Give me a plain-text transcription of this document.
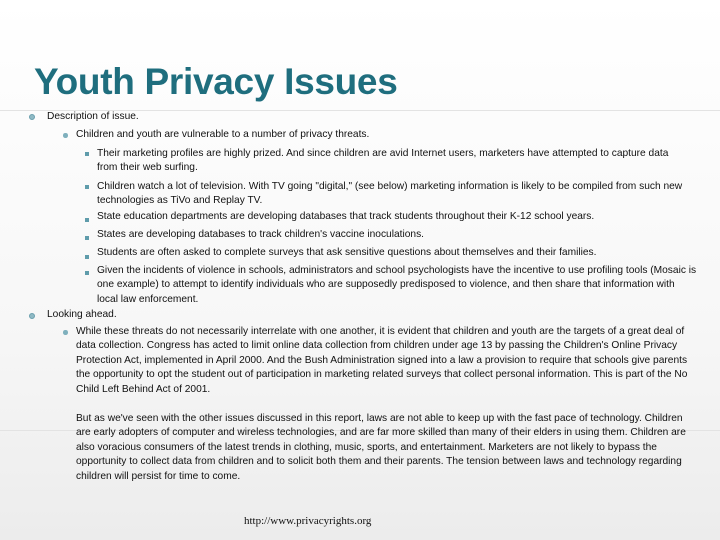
Youth Privacy Issues
Description of issue.
Children and youth are vulnerable to a number of privacy threats.
Their marketing profiles are highly prized. And since children are avid Internet users, marketers have attempted to capture data from their web surfing.
Children watch a lot of television. With TV going "digital," (see below) marketing information is likely to be compiled from such new technologies as TiVo and Replay TV.
State education departments are developing databases that track students throughout their K-12 school years.
States are developing databases to track children's vaccine inoculations.
Students are often asked to complete surveys that ask sensitive questions about themselves and their families.
Given the incidents of violence in schools, administrators and school psychologists have the incentive to use profiling tools (Mosaic is one example) to attempt to identify individuals who are supposedly predisposed to violence, and then share that information with local law enforcement.
Looking ahead.
While these threats do not necessarily interrelate with one another, it is evident that children and youth are the targets of a great deal of data collection. Congress has acted to limit online data collection from children under age 13 by passing the Children's Online Privacy Protection Act, implemented in April 2000. And the Bush Administration signed into a law a provision to require that schools give parents the opportunity to opt the student out of participation in marketing related surveys that collect personal information. This is part of the No Child Left Behind Act of 2001.
But as we've seen with the other issues discussed in this report, laws are not able to keep up with the fast pace of technology. Children are early adopters of computer and wireless technologies, and are far more skilled than many of their elders in using them. Children are also voracious consumers of the latest trends in clothing, music, sports, and entertainment. Marketers are not likely to bypass the opportunity to collect data from children and to solicit both them and their parents. The tension between laws and technology regarding children will persist for time to come.
http://www.privacyrights.org
